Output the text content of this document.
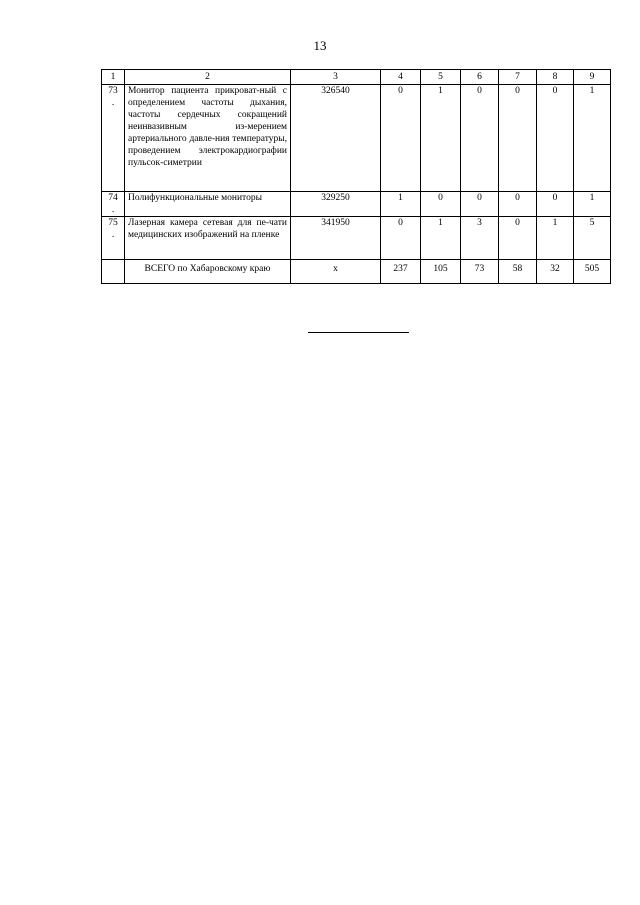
13
1	2	3	4	5	6	7	8	9

73
.	Монитор пациента прикроват-ный с определением частоты дыхания, частоты сердечных сокращений неинвазивным из-мерением артериального давле-ния температуры, проведением электрокардиографии пульсок-симетрии	326540	0	1	0	0	0	1

74
.	Полифункциональные мониторы	329250	1	0	0	0	0	1

75
.	Лазерная камера сетевая для пе-чати медицинских изображений на пленке	341950	0	1	3	0	1	5
	ВСЕГО по Хабаровскому краю	х	237	105	73	58	32	505
